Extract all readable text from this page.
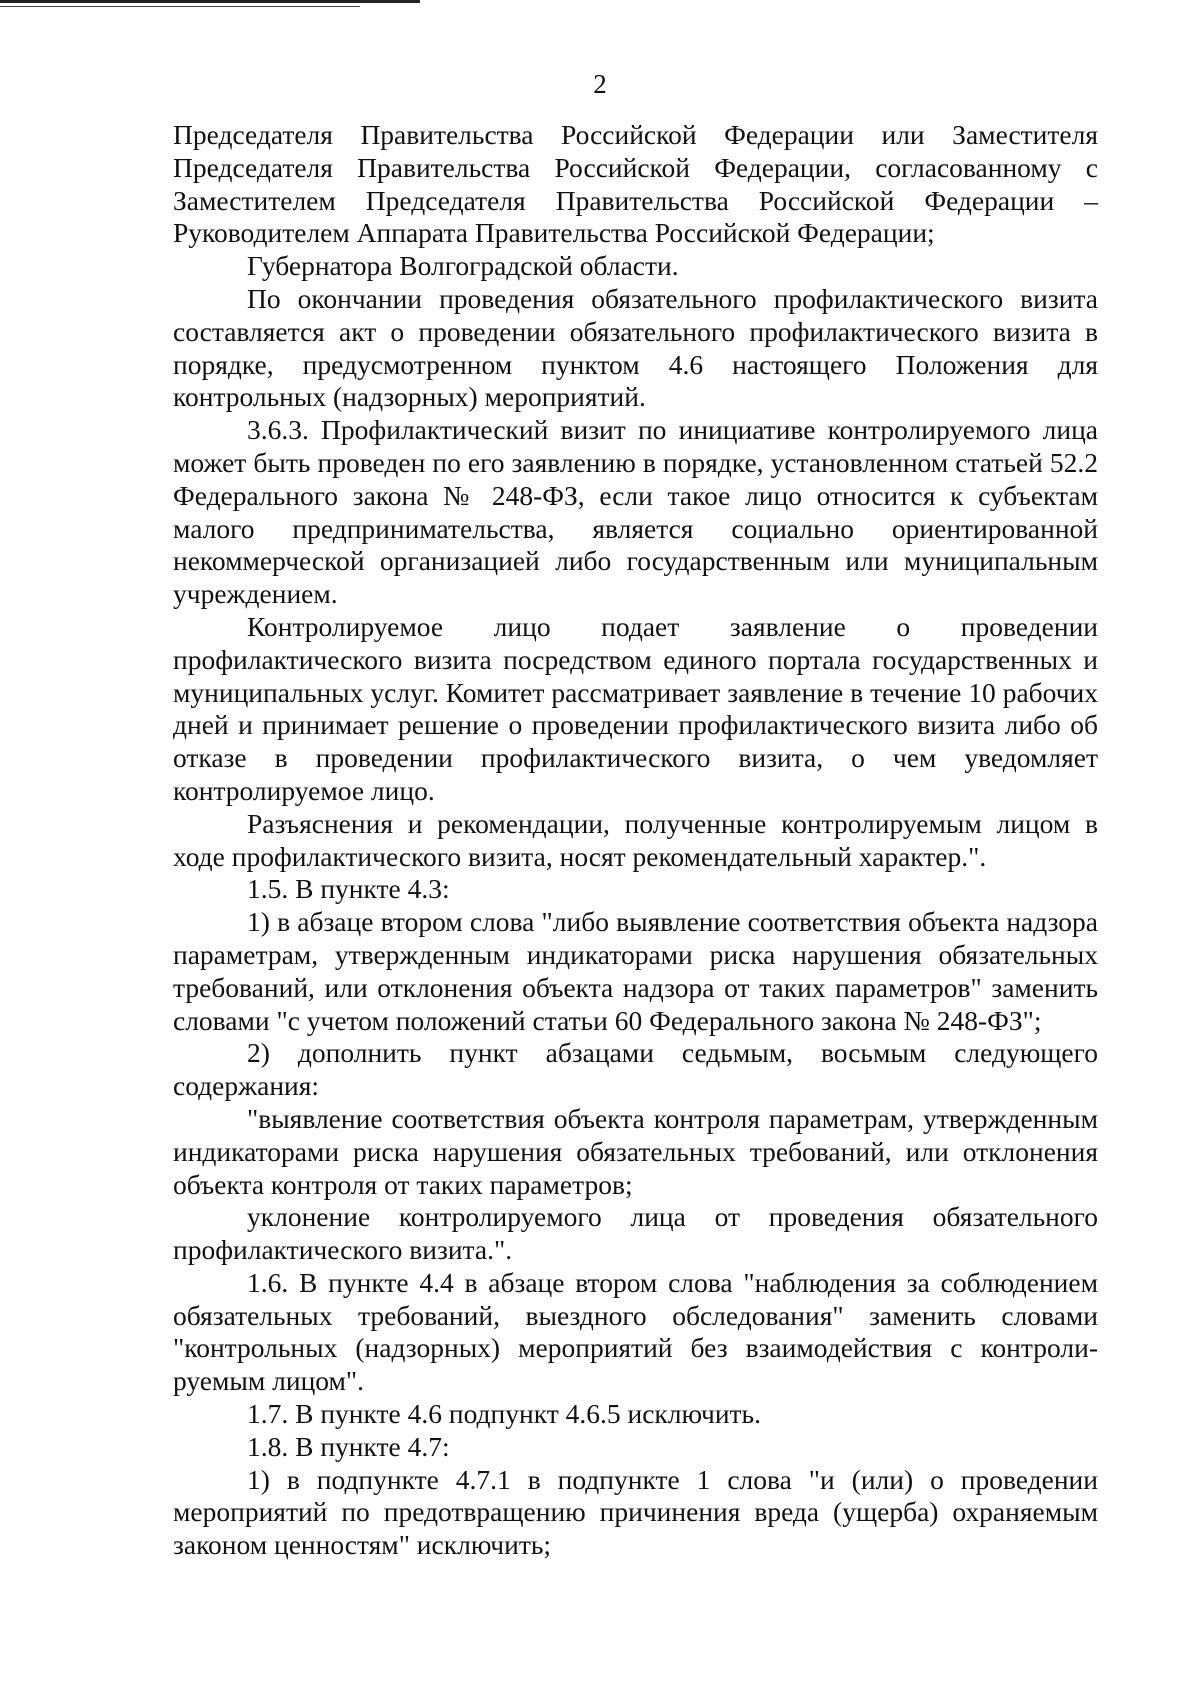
2

Председателя Правительства Российской Федерации или Заместителя Председателя Правительства Российской Федерации, согласованному с Заместителем Председателя Правительства Российской Федерации – Руководителем Аппарата Правительства Российской Федерации;

Губернатора Волгоградской области.

По окончании проведения обязательного профилактического визита составляется акт о проведении обязательного профилактического визита в порядке, предусмотренном пунктом 4.6 настоящего Положения для контрольных (надзорных) мероприятий.

3.6.3. Профилактический визит по инициативе контролируемого лица может быть проведен по его заявлению в порядке, установленном статьей 52.2 Федерального закона № 248-ФЗ, если такое лицо относится к субъектам малого предпринимательства, является социально ориентированной некоммерческой организацией либо государственным или муниципальным учреждением.

Контролируемое лицо подает заявление о проведении профилактического визита посредством единого портала государственных и муниципальных услуг. Комитет рассматривает заявление в течение 10 рабочих дней и принимает решение о проведении профилактического визита либо об отказе в проведении профилактического визита, о чем уведомляет контролируемое лицо.

Разъяснения и рекомендации, полученные контролируемым лицом в ходе профилактического визита, носят рекомендательный характер.".

1.5. В пункте 4.3:

1) в абзаце втором слова "либо выявление соответствия объекта надзора параметрам, утвержденным индикаторами риска нарушения обязательных требований, или отклонения объекта надзора от таких параметров" заменить словами "с учетом положений статьи 60 Федерального закона № 248-ФЗ";

2) дополнить пункт абзацами седьмым, восьмым следующего содержания:

"выявление соответствия объекта контроля параметрам, утвержденным индикаторами риска нарушения обязательных требований, или отклонения объекта контроля от таких параметров;

уклонение контролируемого лица от проведения обязательного профилактического визита.".

1.6. В пункте 4.4 в абзаце втором слова "наблюдения за соблюдением обязательных требований, выездного обследования" заменить словами "контрольных (надзорных) мероприятий без взаимодействия с контролируемым лицом".

1.7. В пункте 4.6 подпункт 4.6.5 исключить.

1.8. В пункте 4.7:

1) в подпункте 4.7.1 в подпункте 1 слова "и (или) о проведении мероприятий по предотвращению причинения вреда (ущерба) охраняемым законом ценностям" исключить;
